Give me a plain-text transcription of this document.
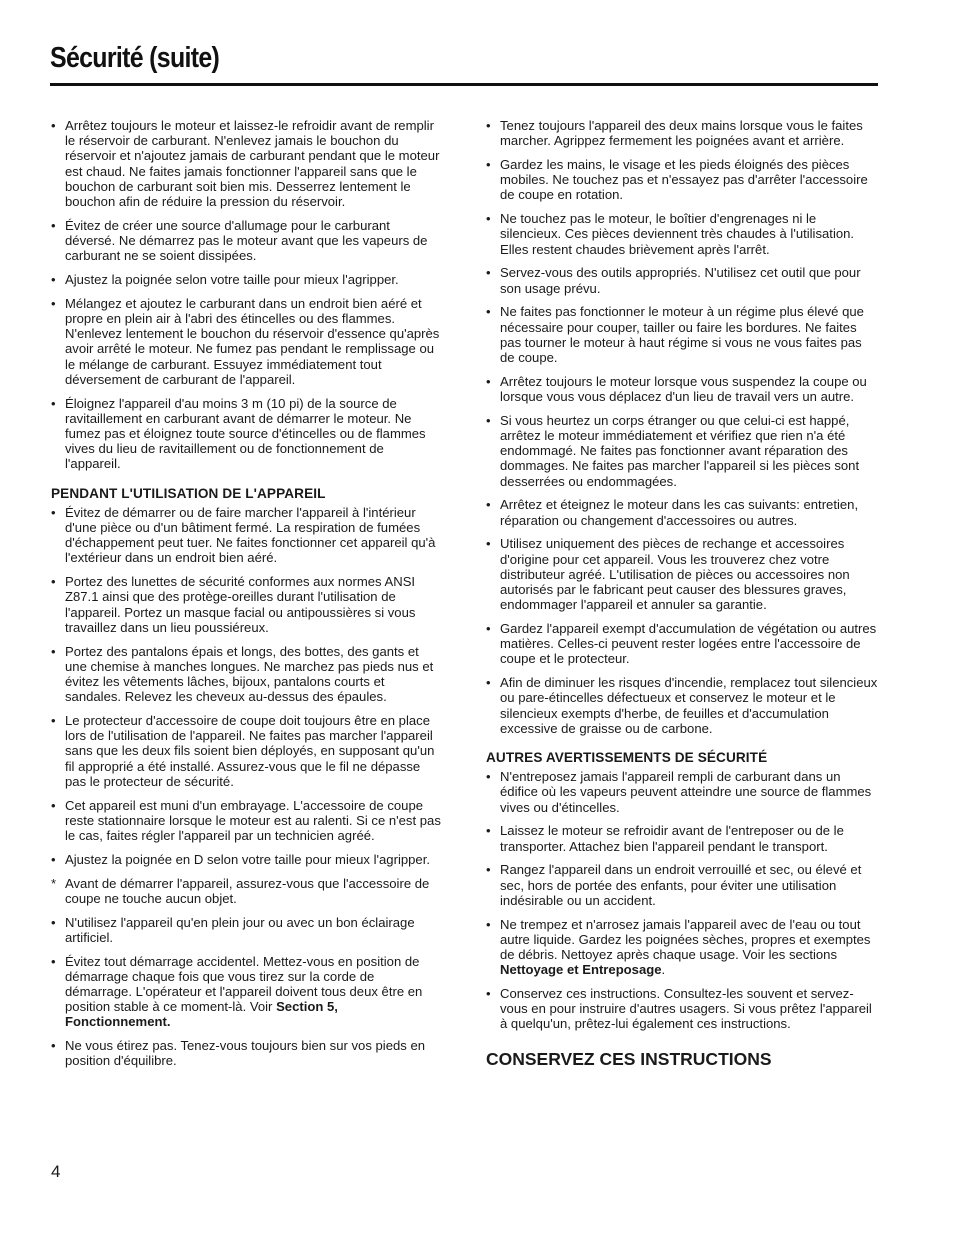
Sécurité (suite)
• Arrêtez toujours le moteur et laissez-le refroidir avant de remplir le réservoir de carburant. N'enlevez jamais le bouchon du réservoir et n'ajoutez jamais de carburant pendant que le moteur est chaud. Ne faites jamais fonctionner l'appareil sans que le bouchon de carburant soit bien mis. Desserrez lentement le bouchon afin de réduire la pression du réservoir.
• Évitez de créer une source d'allumage pour le carburant déversé. Ne démarrez pas le moteur avant que les vapeurs de carburant ne se soient dissipées.
• Ajustez la poignée selon votre taille pour mieux l'agripper.
• Mélangez et ajoutez le carburant dans un endroit bien aéré et propre en plein air à l'abri des étincelles ou des flammes. N'enlevez lentement le bouchon du réservoir d'essence qu'après avoir arrêté le moteur. Ne fumez pas pendant le remplissage ou le mélange de carburant. Essuyez immédiatement tout déversement de carburant de l'appareil.
• Éloignez l'appareil d'au moins 3 m (10 pi) de la source de ravitaillement en carburant avant de démarrer le moteur. Ne fumez pas et éloignez toute source d'étincelles ou de flammes vives du lieu de ravitaillement ou de fonctionnement de l'appareil.
PENDANT L'UTILISATION DE L'APPAREIL
• Évitez de démarrer ou de faire marcher l'appareil à l'intérieur d'une pièce ou d'un bâtiment fermé. La respiration de fumées d'échappement peut tuer. Ne faites fonctionner cet appareil qu'à l'extérieur dans un endroit bien aéré.
• Portez des lunettes de sécurité conformes aux normes ANSI Z87.1 ainsi que des protège-oreilles durant l'utilisation de l'appareil. Portez un masque facial ou antipoussières si vous travaillez dans un lieu poussiéreux.
• Portez des pantalons épais et longs, des bottes, des gants et une chemise à manches longues. Ne marchez pas pieds nus et évitez les vêtements lâches, bijoux, pantalons courts et sandales. Relevez les cheveux au-dessus des épaules.
• Le protecteur d'accessoire de coupe doit toujours être en place lors de l'utilisation de l'appareil. Ne faites pas marcher l'appareil sans que les deux fils soient bien déployés, en supposant qu'un fil approprié a été installé. Assurez-vous que le fil ne dépasse pas le protecteur de sécurité.
• Cet appareil est muni d'un embrayage. L'accessoire de coupe reste stationnaire lorsque le moteur est au ralenti. Si ce n'est pas le cas, faites régler l'appareil par un technicien agréé.
• Ajustez la poignée en D selon votre taille pour mieux l'agripper.
* Avant de démarrer l'appareil, assurez-vous que l'accessoire de coupe ne touche aucun objet.
• N'utilisez l'appareil qu'en plein jour ou avec un bon éclairage artificiel.
• Évitez tout démarrage accidentel. Mettez-vous en position de démarrage chaque fois que vous tirez sur la corde de démarrage. L'opérateur et l'appareil doivent tous deux être en position stable à ce moment-là. Voir Section 5, Fonctionnement.
• Ne vous étirez pas. Tenez-vous toujours bien sur vos pieds en position d'équilibre.
• Tenez toujours l'appareil des deux mains lorsque vous le faites marcher. Agrippez fermement les poignées avant et arrière.
• Gardez les mains, le visage et les pieds éloignés des pièces mobiles. Ne touchez pas et n'essayez pas d'arrêter l'accessoire de coupe en rotation.
• Ne touchez pas le moteur, le boîtier d'engrenages ni le silencieux. Ces pièces deviennent très chaudes à l'utilisation. Elles restent chaudes brièvement après l'arrêt.
• Servez-vous des outils appropriés. N'utilisez cet outil que pour son usage prévu.
• Ne faites pas fonctionner le moteur à un régime plus élevé que nécessaire pour couper, tailler ou faire les bordures. Ne faites pas tourner le moteur à haut régime si vous ne vous faites pas de coupe.
• Arrêtez toujours le moteur lorsque vous suspendez la coupe ou lorsque vous vous déplacez d'un lieu de travail vers un autre.
• Si vous heurtez un corps étranger ou que celui-ci est happé, arrêtez le moteur immédiatement et vérifiez que rien n'a été endommagé. Ne faites pas fonctionner avant réparation des dommages. Ne faites pas marcher l'appareil si les pièces sont desserrées ou endommagées.
• Arrêtez et éteignez le moteur dans les cas suivants: entretien, réparation ou changement d'accessoires ou autres.
• Utilisez uniquement des pièces de rechange et accessoires d'origine pour cet appareil. Vous les trouverez chez votre distributeur agréé. L'utilisation de pièces ou accessoires non autorisés par le fabricant peut causer des blessures graves, endommager l'appareil et annuler sa garantie.
• Gardez l'appareil exempt d'accumulation de végétation ou autres matières. Celles-ci peuvent rester logées entre l'accessoire de coupe et le protecteur.
• Afin de diminuer les risques d'incendie, remplacez tout silencieux ou pare-étincelles défectueux et conservez le moteur et le silencieux exempts d'herbe, de feuilles et d'accumulation excessive de graisse ou de carbone.
AUTRES AVERTISSEMENTS DE SÉCURITÉ
• N'entreposez jamais l'appareil rempli de carburant dans un édifice où les vapeurs peuvent atteindre une source de flammes vives ou d'étincelles.
• Laissez le moteur se refroidir avant de l'entreposer ou de le transporter. Attachez bien l'appareil pendant le transport.
• Rangez l'appareil dans un endroit verrouillé et sec, ou élevé et sec, hors de portée des enfants, pour éviter une utilisation indésirable ou un accident.
• Ne trempez et n'arrosez jamais l'appareil avec de l'eau ou tout autre liquide. Gardez les poignées sèches, propres et exemptes de débris. Nettoyez après chaque usage. Voir les sections Nettoyage et Entreposage.
• Conservez ces instructions. Consultez-les souvent et servez-vous en pour instruire d'autres usagers. Si vous prêtez l'appareil à quelqu'un, prêtez-lui également ces instructions.
CONSERVEZ CES INSTRUCTIONS
4
